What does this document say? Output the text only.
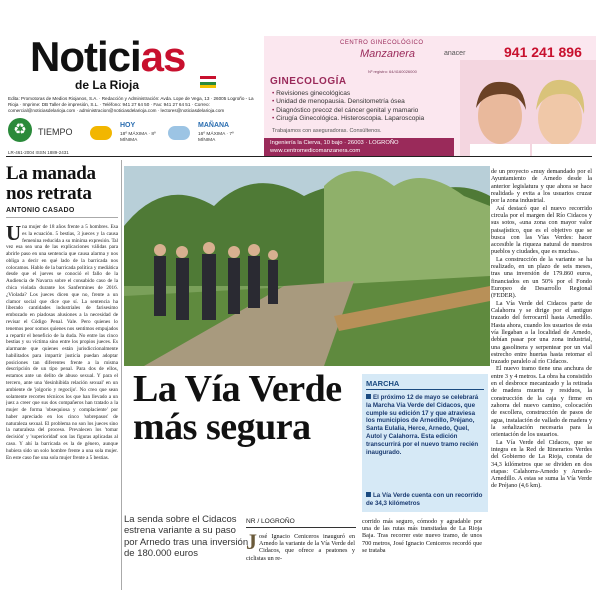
Noticias
de La Rioja
Edita: Promotoras de Medios Riojanos, S.A. · Redacción y Administración: Avda. Lope de Vega, 13 · 26005 Logroño - La Rioja · Imprime: DB Taller de impresión, S.L. · Teléfono: 941 27 64 50 · Fax: 941 27 64 51 · Correo: comercial@noticiasdelarioja.com · administracion@noticiasdelarioja.com · lectores@noticiasdelarioja.com
♻	TIEMPO
HOY
18º MÁXIMA · 8º MÍNIMA
MAÑANA
16º MÁXIMA · 7º MÍNIMA
LR-461-2004 ISSN 1889-2431
CENTRO GINECOLÓGICO
Manzanera	anacer	941 241 896
Nº registro: 64/4160026000
GINECOLOGÍA
• Revisiones ginecológicas
• Unidad de menopausia. Densitometría ósea
• Diagnóstico precoz del cáncer genital y mamario
• Cirugía Ginecológica. Histeroscopia. Laparoscopia
Trabajamos con aseguradoras. Consúltenos.
Ingeniería la Cierva, 10 bajo · 26003 · LOGROÑO
www.centromedicomanzanera.com
La manada nos retrata
ANTONIO CASADO
Una mujer de 18 años frente a 5 hombres. Esa es la ecuación. 5 bestias, 3 jueces y la causa femenina reducida a su mínima expresión. Tal vez esa sea una de las explicaciones válidas para abrirle paso en una sentencia que causa alarma y nos obliga a decir en qué lado de la barricada nos colocamos. Hablo de la barricada política y mediática desde que el jueves se conoció el fallo de la Audiencia de Navarra sobre el consabido caso de la chica violada durante los Sanfermines de 2016. ¿Violada? Los jueces dicen que no, frente a un clamor social que dice que sí. La sentencia ha liberado cantidades industriales de farisesimo embozado en piadosas alusiones a la necesidad de revisar el Código Penal. Vale. Pero quienes lo tenemos peor somos quienes nos sentimos empujados a repartir el beneficio de la duda. No entre las cinco bestias y su víctima sino entre los propios jueces. Es alarmante que quienes están jurisdiccionalmente habilitados para impartir justicia puedan adoptar posiciones tan diferentes frente a la misma descripción de un tipo penal. Para dos de ellos, estamos ante un delito de abuso sexual. Y para el tercero, ante una 'desinhibida relación sexual' en un ambiente de 'jolgorio y regocijo'. No creo que sean solamente recortes técnicos los que han llevado a un juez a creer que sus dos compañeros han tratado a la mujer de forma 'obsequiosa y complaciente' por haber apreciado en los cinco 'sobrepasos' de naturaleza sexual. El problema no son los jueces sino la naturaleza del proceso. Prevalecen los 'tomar decisión' y 'superioridad' son las figuras aplicadas al caso. Y ahí la barricada es la de género, aunque hubiera sido un solo hombre frente a una sola mujer. En este caso fue una sola mujer frente a 5 bestias.
La Vía Verde más segura
La senda sobre el Cidacos estrena variante a su paso por Arnedo tras una inversión de 180.000 euros
NR / LOGROÑO
José Ignacio Ceniceros inauguró en Arnedo la variante de la Vía Verde del Cidacos, que ofrece a peatones y ciclistas un re-
corrido más seguro, cómodo y agradable por una de las rutas más transitadas de La Rioja Baja. Tras recorrer este nuevo tramo, de unos 700 metros, José Ignacio Ceniceros recordó que se trataba
MARCHA
El próximo 12 de mayo se celebrará la Marcha Vía Verde del Cidacos, que cumple su edición 17 y que atraviesa los municipios de Arnedillo, Préjano, Santa Eulalia, Herce, Arnedo, Quel, Autol y Calahorra. Esta edición transcurrirá por el nuevo tramo recién inaugurado.
La Vía Verde cuenta con un recorrido de 34,3 kilómetros

de un proyecto «muy demandado por el Ayuntamiento de Arnedo desde la anterior legislatura y que ahora se hace realidad» y evita a los usuarios cruzar por la zona industrial.

Así destacó que el nuevo recorrido circula por el margen del Río Cidacos y sus sotos, «una zona con mayor valor paisajístico, que es el objetivo que se busca con las Vías Verdes: hacer accesible la riqueza natural de nuestros pueblos y ciudades, que es mucha».

La construcción de la variante se ha realizado, en un plazo de seis meses, tras una inversión de 179.860 euros, financiados en un 50% por el Fondo Europeo de Desarrollo Regional (FEDER).

La Vía Verde del Cidacos parte de Calahorra y se dirige por el antiguo trazado del ferrocarril hasta Arnedillo. Hasta ahora, cuando los usuarios de esta vía llegaban a la localidad de Arnedo, debían pasar por una zona industrial, una gasolinera y serpentear por un vial estrecho entre huertas hasta retomar el trazado paralelo al río Cidacos.

El nuevo tramo tiene una anchura de entre 3 y 4 metros. La obra ha consistido en el desbroce mecanizado y la retirada de madera muerta y residuos, la construcción de la caja y firme en zahorra del nuevo camino, colocación de escollera, construcción de pasos de agua, instalación de vallado de madera y la señalización necesaria para la orientación de los usuarios.

La Vía Verde del Cidacos, que se integra en la Red de Itinerarios Verdes del Gobierno de La Rioja, consta de 34,3 kilómetros que se dividen en dos etapas: Calahorra-Arnedo y Arnedo-Arnedillo. A estas se suma la Vía Verde de Préjano (4,6 km).
